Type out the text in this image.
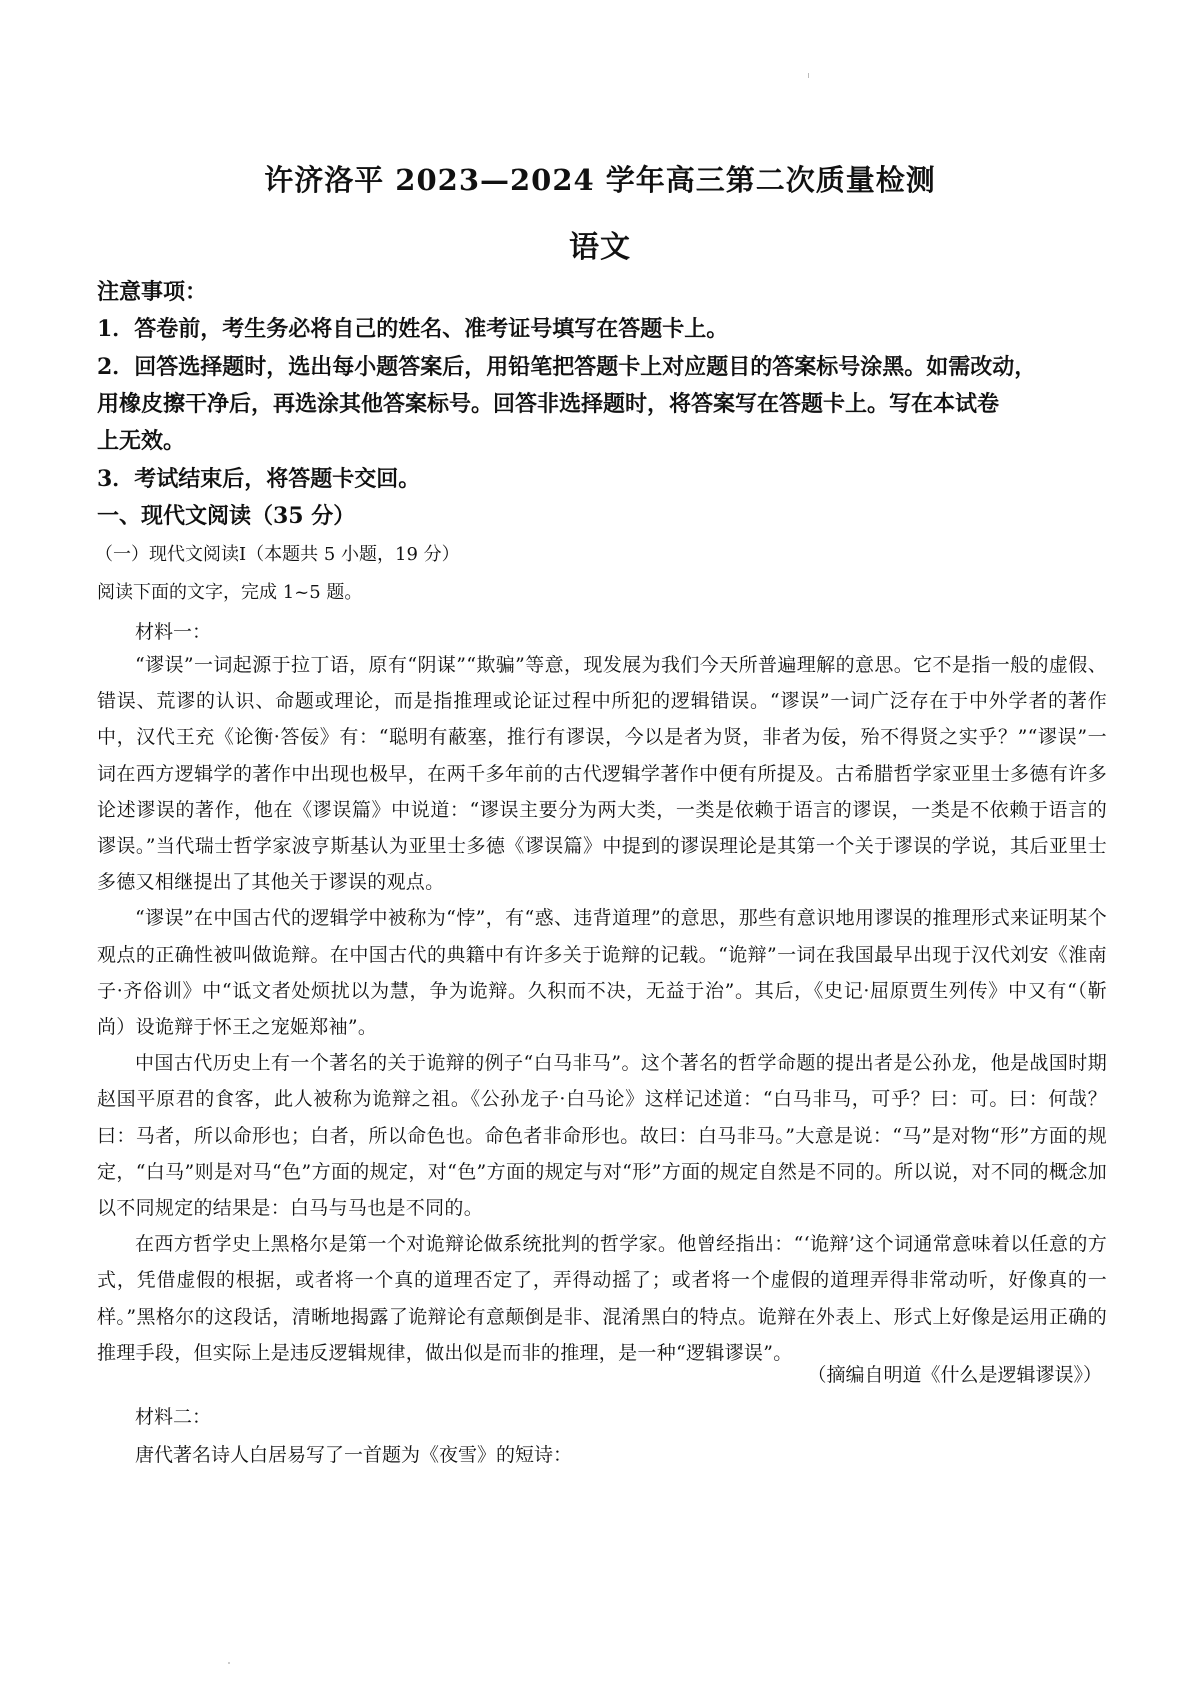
许济洛平 2023—2024 学年高三第二次质量检测
语文
注意事项：
1．答卷前，考生务必将自己的姓名、准考证号填写在答题卡上。
2．回答选择题时，选出每小题答案后，用铅笔把答题卡上对应题目的答案标号涂黑。如需改动，
用橡皮擦干净后，再选涂其他答案标号。回答非选择题时，将答案写在答题卡上。写在本试卷
上无效。
3．考试结束后，将答题卡交回。
一、现代文阅读（35 分）
（一）现代文阅读Ⅰ（本题共 5 小题，19 分）
阅读下面的文字，完成 1~5 题。
材料一：

“谬误”一词起源于拉丁语，原有“阴谋”“欺骗”等意，现发展为我们今天所普遍理解的意思。它不是指一般的虚假、错误、荒谬的认识、命题或理论，而是指推理或论证过程中所犯的逻辑错误。“谬误”一词广泛存在于中外学者的著作中，汉代王充《论衡·答佞》有：“聪明有蔽塞，推行有谬误，今以是者为贤，非者为佞，殆不得贤之实乎？”“谬误”一词在西方逻辑学的著作中出现也极早，在两千多年前的古代逻辑学著作中便有所提及。古希腊哲学家亚里士多德有许多论述谬误的著作，他在《谬误篇》中说道：“谬误主要分为两大类，一类是依赖于语言的谬误，一类是不依赖于语言的谬误。”当代瑞士哲学家波亨斯基认为亚里士多德《谬误篇》中提到的谬误理论是其第一个关于谬误的学说，其后亚里士多德又相继提出了其他关于谬误的观点。

“谬误”在中国古代的逻辑学中被称为“悖”，有“惑、违背道理”的意思，那些有意识地用谬误的推理形式来证明某个观点的正确性被叫做诡辩。在中国古代的典籍中有许多关于诡辩的记载。“诡辩”一词在我国最早出现于汉代刘安《淮南子·齐俗训》中“诋文者处烦扰以为慧，争为诡辩。久积而不决，无益于治”。其后，《史记·屈原贾生列传》中又有“（靳尚）设诡辩于怀王之宠姬郑袖”。

中国古代历史上有一个著名的关于诡辩的例子“白马非马”。这个著名的哲学命题的提出者是公孙龙，他是战国时期赵国平原君的食客，此人被称为诡辩之祖。《公孙龙子·白马论》这样记述道：“白马非马，可乎？曰：可。曰：何哉？曰：马者，所以命形也；白者，所以命色也。命色者非命形也。故曰：白马非马。”大意是说：“马”是对物“形”方面的规定，“白马”则是对马“色”方面的规定，对“色”方面的规定与对“形”方面的规定自然是不同的。所以说，对不同的概念加以不同规定的结果是：白马与马也是不同的。

在西方哲学史上黑格尔是第一个对诡辩论做系统批判的哲学家。他曾经指出：“‘诡辩’这个词通常意味着以任意的方式，凭借虚假的根据，或者将一个真的道理否定了，弄得动摇了；或者将一个虚假的道理弄得非常动听，好像真的一样。”黑格尔的这段话，清晰地揭露了诡辩论有意颠倒是非、混淆黑白的特点。诡辩在外表上、形式上好像是运用正确的推理手段，但实际上是违反逻辑规律，做出似是而非的推理，是一种“逻辑谬误”。

（摘编自明道《什么是逻辑谬误》）
材料二：
唐代著名诗人白居易写了一首题为《夜雪》的短诗：
